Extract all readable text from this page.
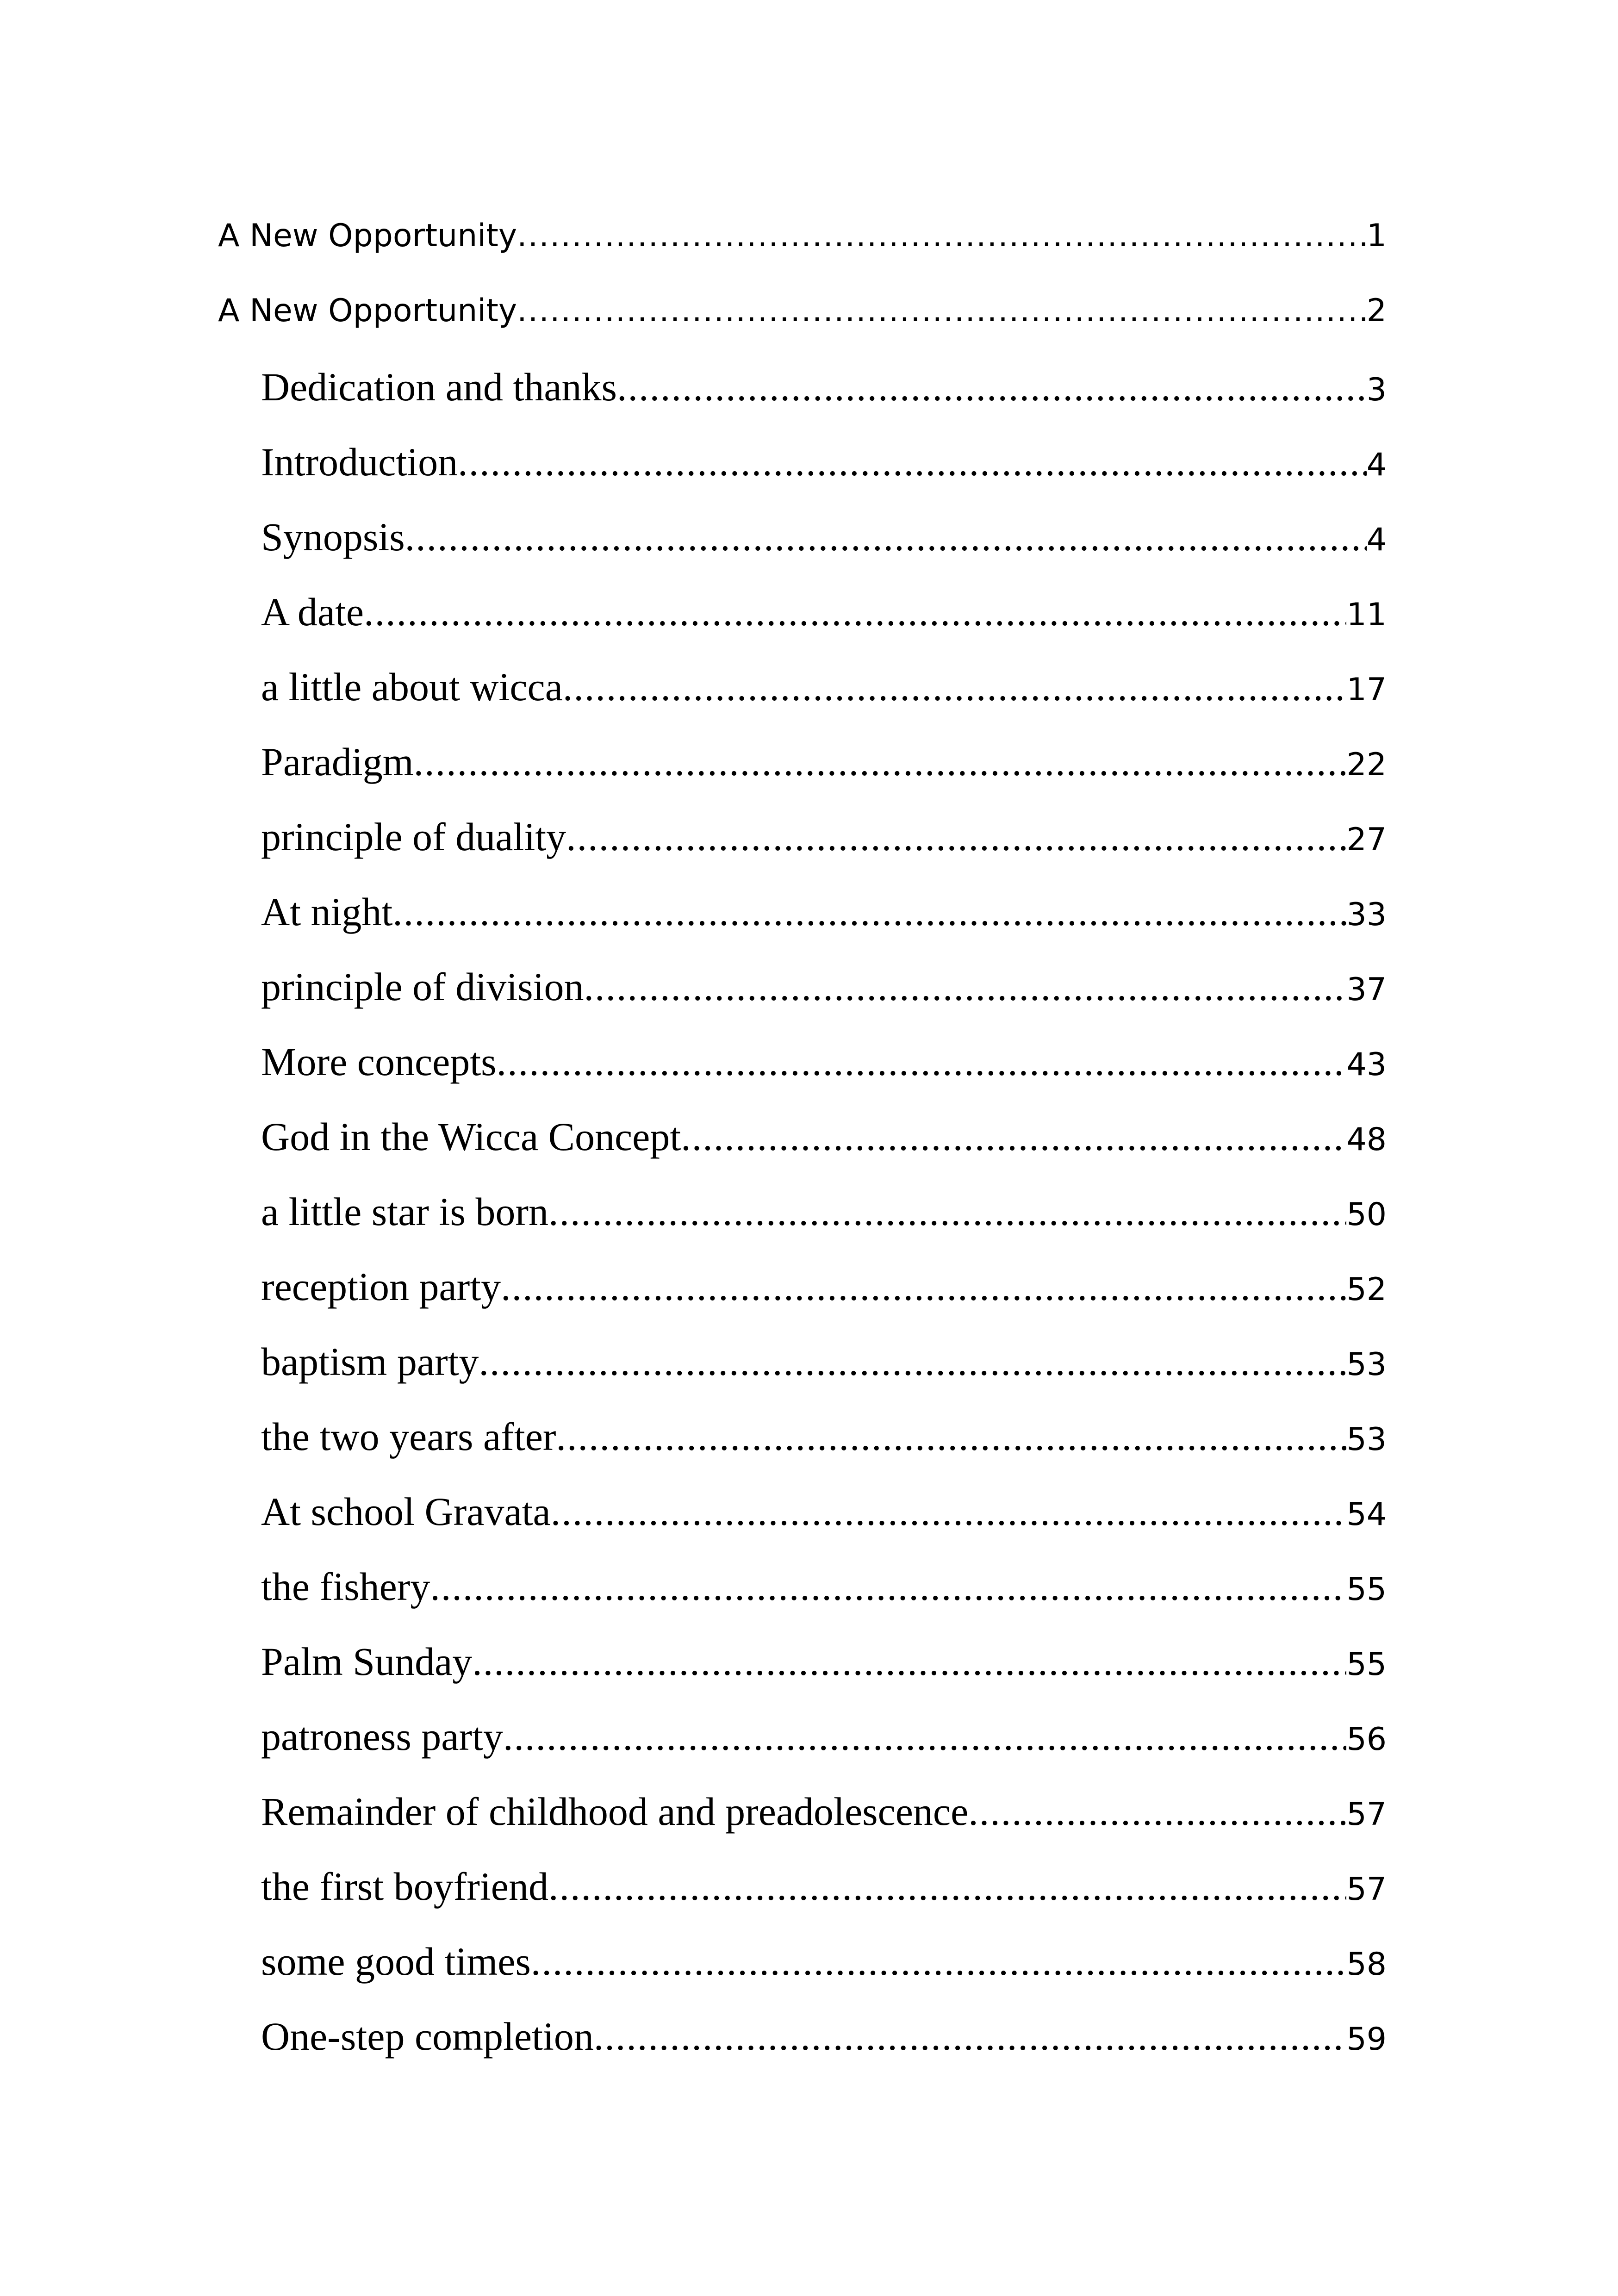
A New Opportunity .....	1
A New Opportunity .....	2
Dedication and thanks .....	3
Introduction .....	4
Synopsis .....	4
A date .....	11
a little about wicca .....	17
Paradigm .....	22
principle of duality .....	27
At night .....	33
principle of division .....	37
More concepts .....	43
God in the Wicca Concept .....	48
a little star is born .....	50
reception party .....	52
baptism party .....	53
the two years after .....	53
At school Gravata .....	54
the fishery .....	55
Palm Sunday .....	55
patroness party .....	56
Remainder of childhood and preadolescence .....	57
the first boyfriend .....	57
some good times .....	58
One-step completion .....	59
